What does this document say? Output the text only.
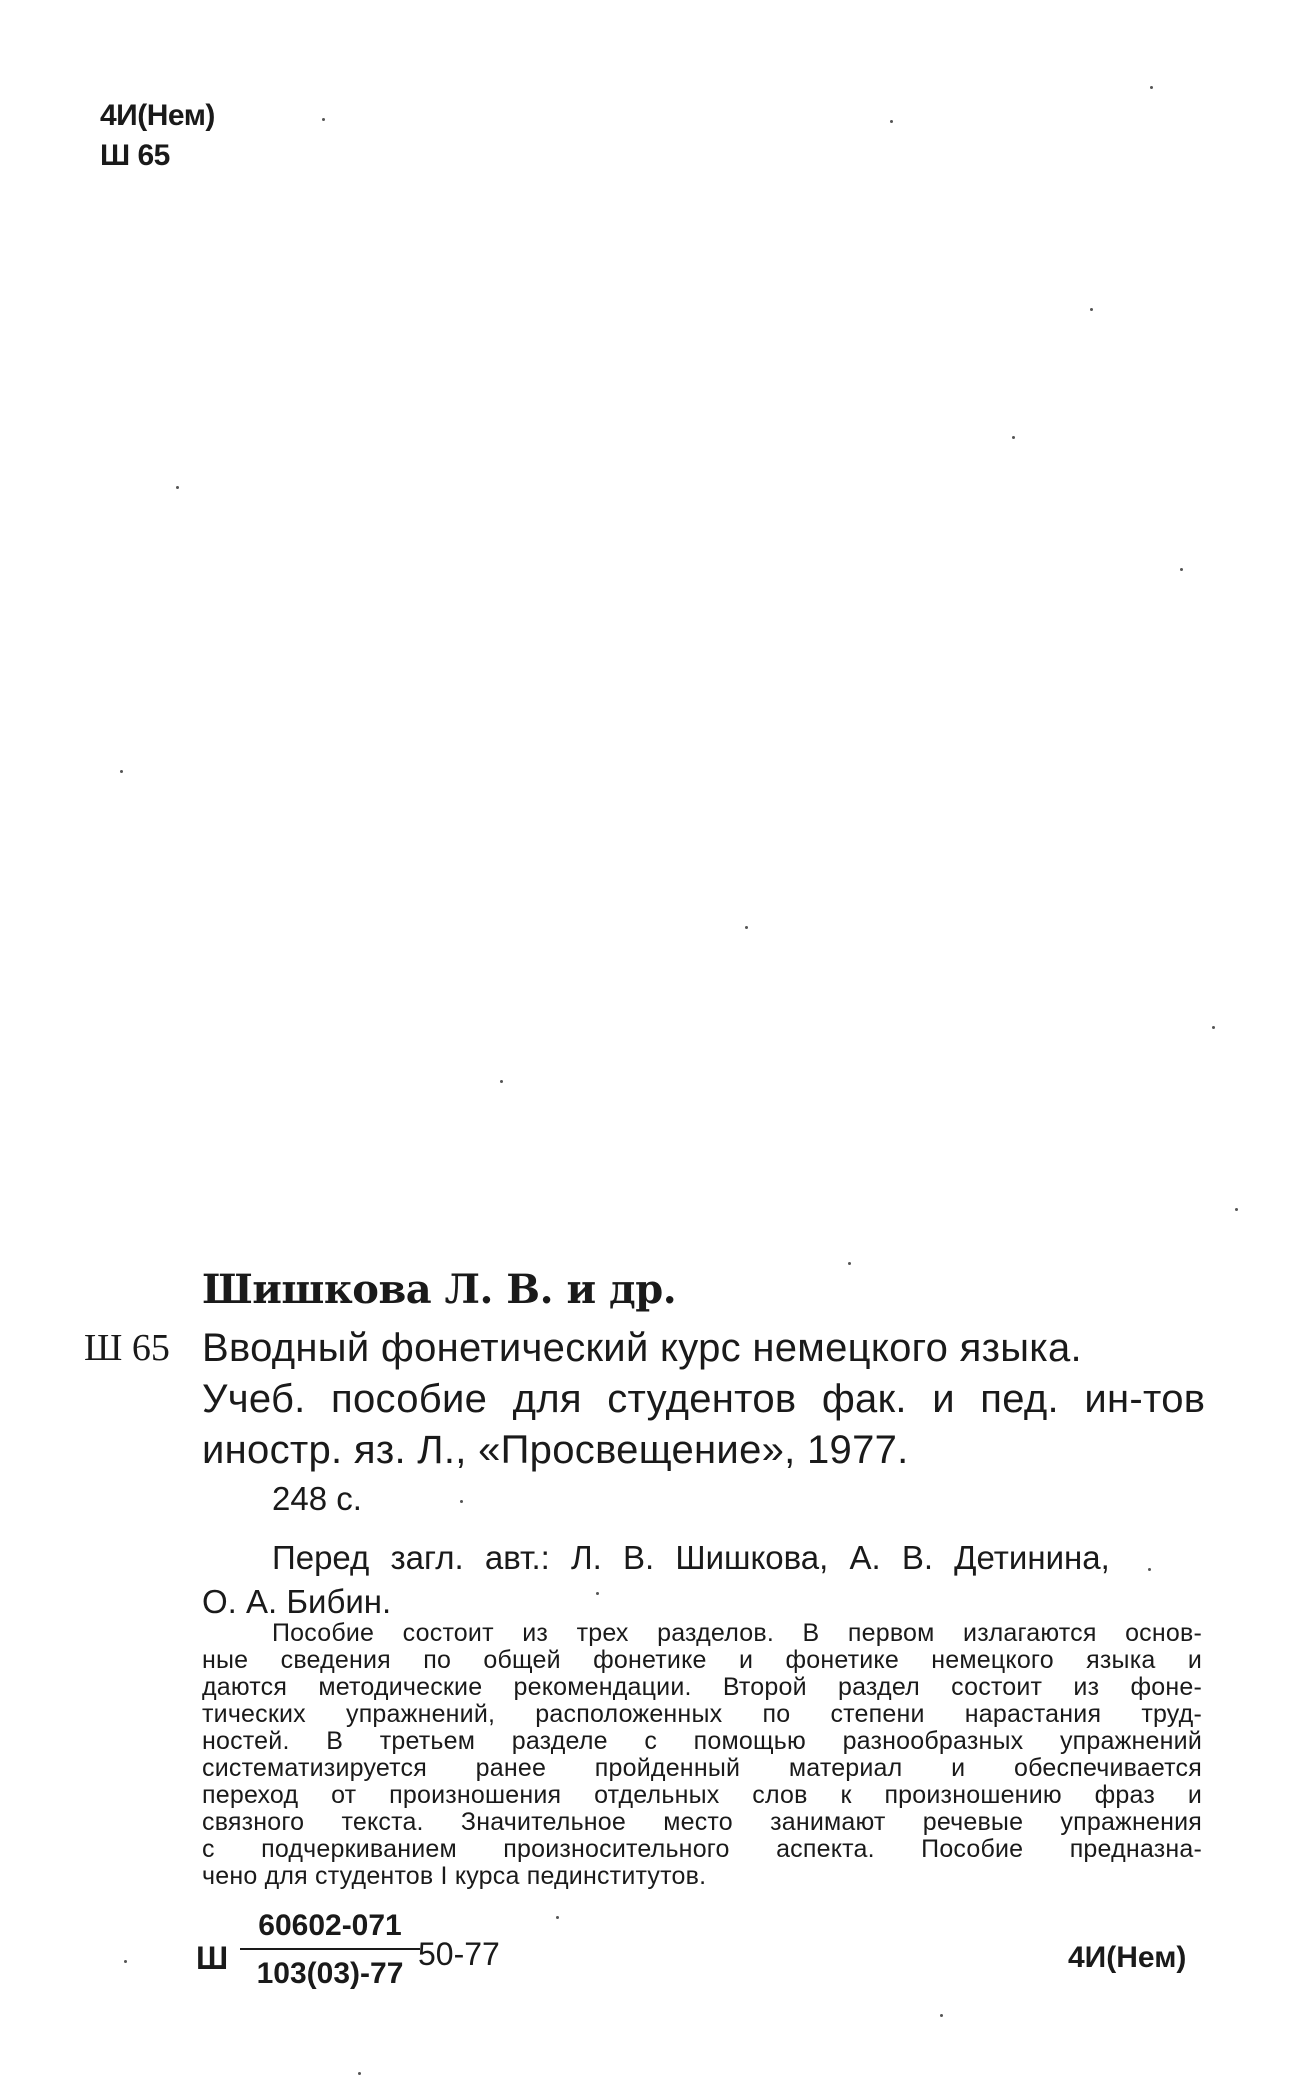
4И(Нем)
Ш 65
Шишкова Л. В. и др.
Ш 65 Вводный фонетический курс немецкого языка.
Учеб. пособие для студентов фак. и пед. ин-тов
иностр. яз. Л., «Просвещение», 1977.
248 с.
Перед загл. авт.: Л. В. Шишкова, А. В. Детинина,
О. А. Бибин.
Пособие состоит из трех разделов. В первом излагаются основ-
ные сведения по общей фонетике и фонетике немецкого языка и
даются методические рекомендации. Второй раздел состоит из фоне-
тических упражнений, расположенных по степени нарастания труд-
ностей. В третьем разделе с помощью разнообразных упражнений
систематизируется ранее пройденный материал и обеспечивается
переход от произношения отдельных слов к произношению фраз и
связного текста. Значительное место занимают речевые упражнения
с подчеркиванием произносительного аспекта. Пособие предназна-
чено для студентов I курса пединститутов.
Ш $\frac{60602-071}{103(03)-77}$
50-77	4И(Нем)
